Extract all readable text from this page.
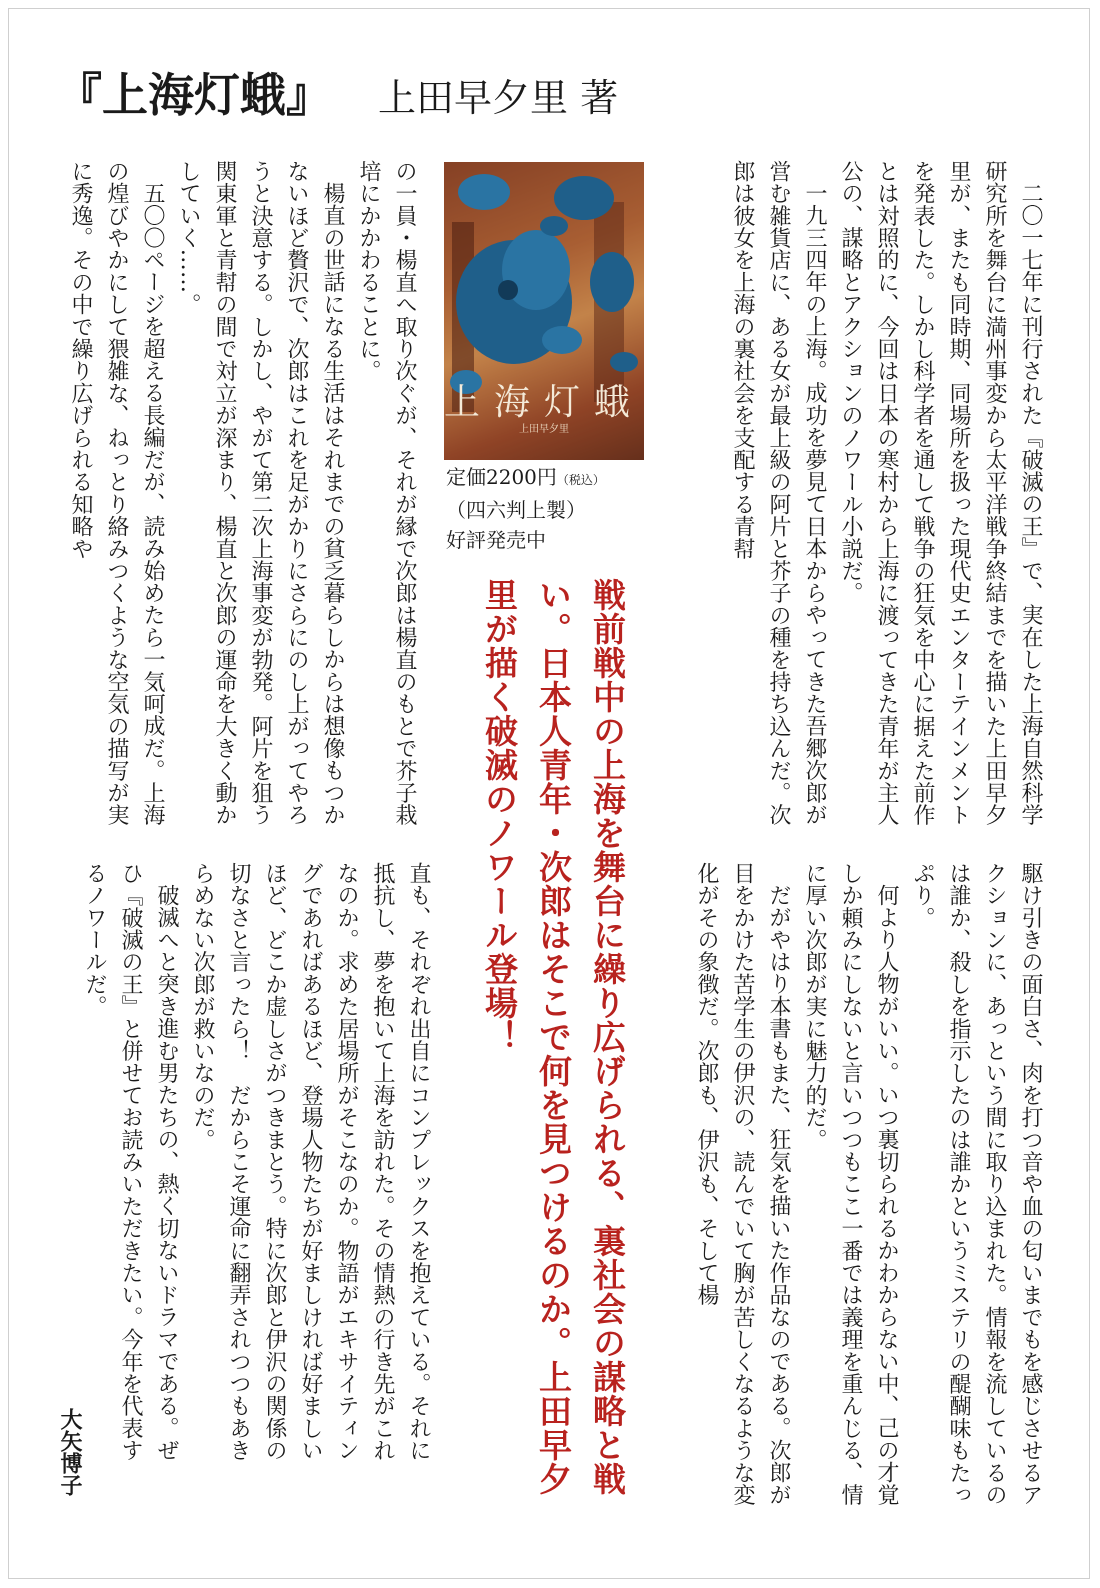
『上海灯蛾』 上田早夕里 著

二〇一七年に刊行された『破滅の王』で、実在した上海自然科学研究所を舞台に満州事変から太平洋戦争終結までを描いた上田早夕里が、またも同時期、同場所を扱った現代史エンターテインメントを発表した。しかし科学者を通して戦争の狂気を中心に据えた前作とは対照的に、今回は日本の寒村から上海に渡ってきた青年が主人公の、謀略とアクションのノワール小説だ。

一九三四年の上海。成功を夢見て日本からやってきた吾郷次郎が営む雑貨店に、ある女が最上級の阿片と芥子の種を持ち込んだ。次郎は彼女を上海の裏社会を支配する青幇

上海灯蛾
上田早夕里
定価2200円（税込）
（四六判上製）
好評発売中

の一員・楊直へ取り次ぐが、それが縁で次郎は楊直のもとで芥子栽培にかかわることに。

楊直の世話になる生活はそれまでの貧乏暮らしからは想像もつかないほど贅沢で、次郎はこれを足がかりにさらにのし上がってやろうと決意する。しかし、やがて第二次上海事変が勃発。阿片を狙う関東軍と青幇の間で対立が深まり、楊直と次郎の運命を大きく動かしていく……。

五〇〇ページを超える長編だが、読み始めたら一気呵成だ。上海の煌びやかにして猥雑な、ねっとり絡みつくような空気の描写が実に秀逸。その中で繰り広げられる知略や

戦前戦中の上海を舞台に繰り広げられる、裏社会の謀略と戦い。日本人青年・次郎はそこで何を見つけるのか。上田早夕里が描く破滅のノワール登場！

駆け引きの面白さ、肉を打つ音や血の匂いまでもを感じさせるアクションに、あっという間に取り込まれた。情報を流しているのは誰か、殺しを指示したのは誰かというミステリの醍醐味もたっぷり。

何より人物がいい。いつ裏切られるかわからない中、己の才覚しか頼みにしないと言いつつもここ一番では義理を重んじる、情に厚い次郎が実に魅力的だ。

だがやはり本書もまた、狂気を描いた作品なのである。次郎が目をかけた苦学生の伊沢の、読んでいて胸が苦しくなるような変化がその象徴だ。次郎も、伊沢も、そして楊

直も、それぞれ出自にコンプレックスを抱えている。それに抵抗し、夢を抱いて上海を訪れた。その情熱の行き先がこれなのか。求めた居場所がそこなのか。物語がエキサイティングであればあるほど、登場人物たちが好ましければ好ましいほど、どこか虚しさがつきまとう。特に次郎と伊沢の関係の切なさと言ったら！　だからこそ運命に翻弄されつつもあきらめない次郎が救いなのだ。

破滅へと突き進む男たちの、熱く切ないドラマである。ぜひ『破滅の王』と併せてお読みいただきたい。今年を代表するノワールだ。

大矢博子
